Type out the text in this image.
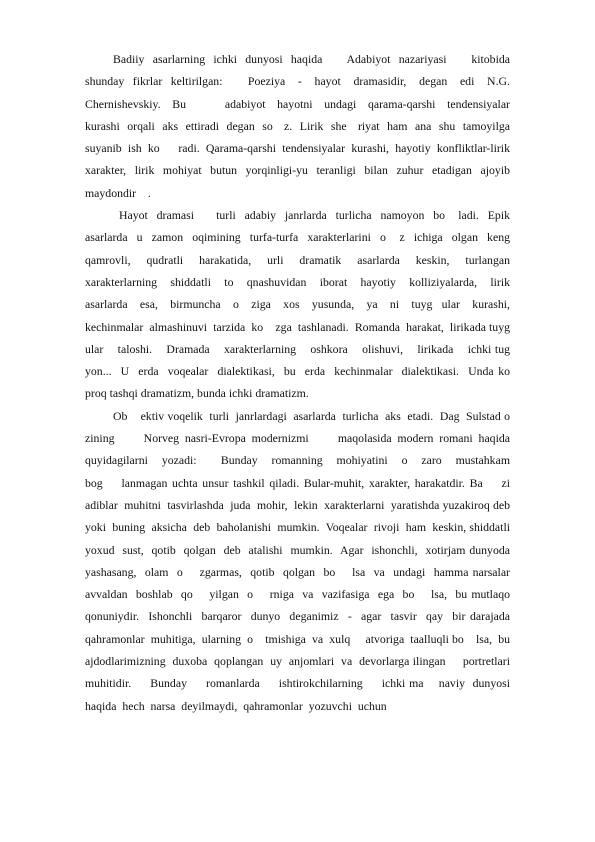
Badiiy  asarlarning  ichki  dunyosi  haqida      Adabiyot  nazariyasi      kitobida shunday  fikrlar  keltirilgan:      Poeziya   -   hayot   dramasidir,   degan   edi   N.G. Chernishevskiy.   Bu          adabiyot   hayotni   undagi   qarama-qarshi   tendensiyalar kurashi  orqali  aks  ettiradi  degan  so   z.  Lirik  she   riyat  ham  ana  shu  tamoyilga suyanib ish ko   radi. Qarama-qarshi tendensiyalar kurashi, hayotiy konfliktlar-lirik xarakter,  lirik  mohiyat  butun  yorqinligi-yu  teranligi  bilan  zuhur  etadigan  ajoyib maydondir    .

Hayot  dramasi     turli  adabiy  janrlarda  turlicha  namoyon  bo   ladi.  Epik asarlarda  u  zamon  oqimining  turfa-turfa  xarakterlarini  o   z  ichiga  olgan  keng qamrovli,     qudratli     harakatida,     urli     dramatik     asarlarda     keskin,     turlangan xarakterlarning    shiddatli    to    qnashuvidan    iborat    hayotiy    kolliziyalarda,    lirik asarlarda    esa,    birmuncha    o    ziga    xos    yusunda,    ya    ni    tuyg   ular    kurashi, kechinmalar  almashinuvi  tarzida  ko    zga  tashlanadi.  Romanda  harakat,  lirikada tuyg    ular    taloshi.    Dramada    xarakterlarning    oshkora    olishuvi,    lirikada    ichki tug    yon...  U  erda  voqealar  dialektikasi,  bu  erda  kechinmalar  dialektikasi.  Unda ko    proq tashqi dramatizm, bunda ichki dramatizm.

Ob    ektiv voqelik  turli  janrlardagi  asarlarda  turlicha  aks  etadi.  Dag  Sulstad o    zining     Norveg nasri-Evropa modernizmi     maqolasida modern romani haqida quyidagilarni    yozadi:       Bunday    romanning    mohiyatini    o    zaro    mustahkam bog    lanmagan uchta unsur tashkil qiladi. Bular-muhit, xarakter, harakatdir. Ba    zi adiblar  muhitni  tasvirlashda  juda  mohir,  lekin  xarakterlarni  yaratishda yuzakiroq deb  yoki  buning  aksicha  deb  baholanishi  mumkin.  Voqealar  rivoji  ham  keskin, shiddatli  yoxud  sust,  qotib  qolgan  deb  atalishi  mumkin.  Agar  ishonchli,  xotirjam dunyoda  yashasang,  olam  o    zgarmas,  qotib  qolgan  bo    lsa  va  undagi  hamma narsalar  avvaldan  boshlab  qo    yilgan  o    rniga  va  vazifasiga  ega  bo    lsa,  bu mutlaqo  qonuniydir.  Ishonchli  barqaror  dunyo  deganimiz  -  agar  tasvir  qay  bir darajada  qahramonlar  muhitiga,  ularning  o    tmishiga  va  xulq     atvoriga  taalluqli bo    lsa,  bu        ajdodlarimizning  duxoba  qoplangan  uy  anjomlari  va  devorlarga ilingan     portretlari     muhitidir.     Bunday     romanlarda     ishtirokchilarning     ichki ma    naviy  dunyosi  haqida  hech  narsa  deyilmaydi,  qahramonlar  yozuvchi  uchun
